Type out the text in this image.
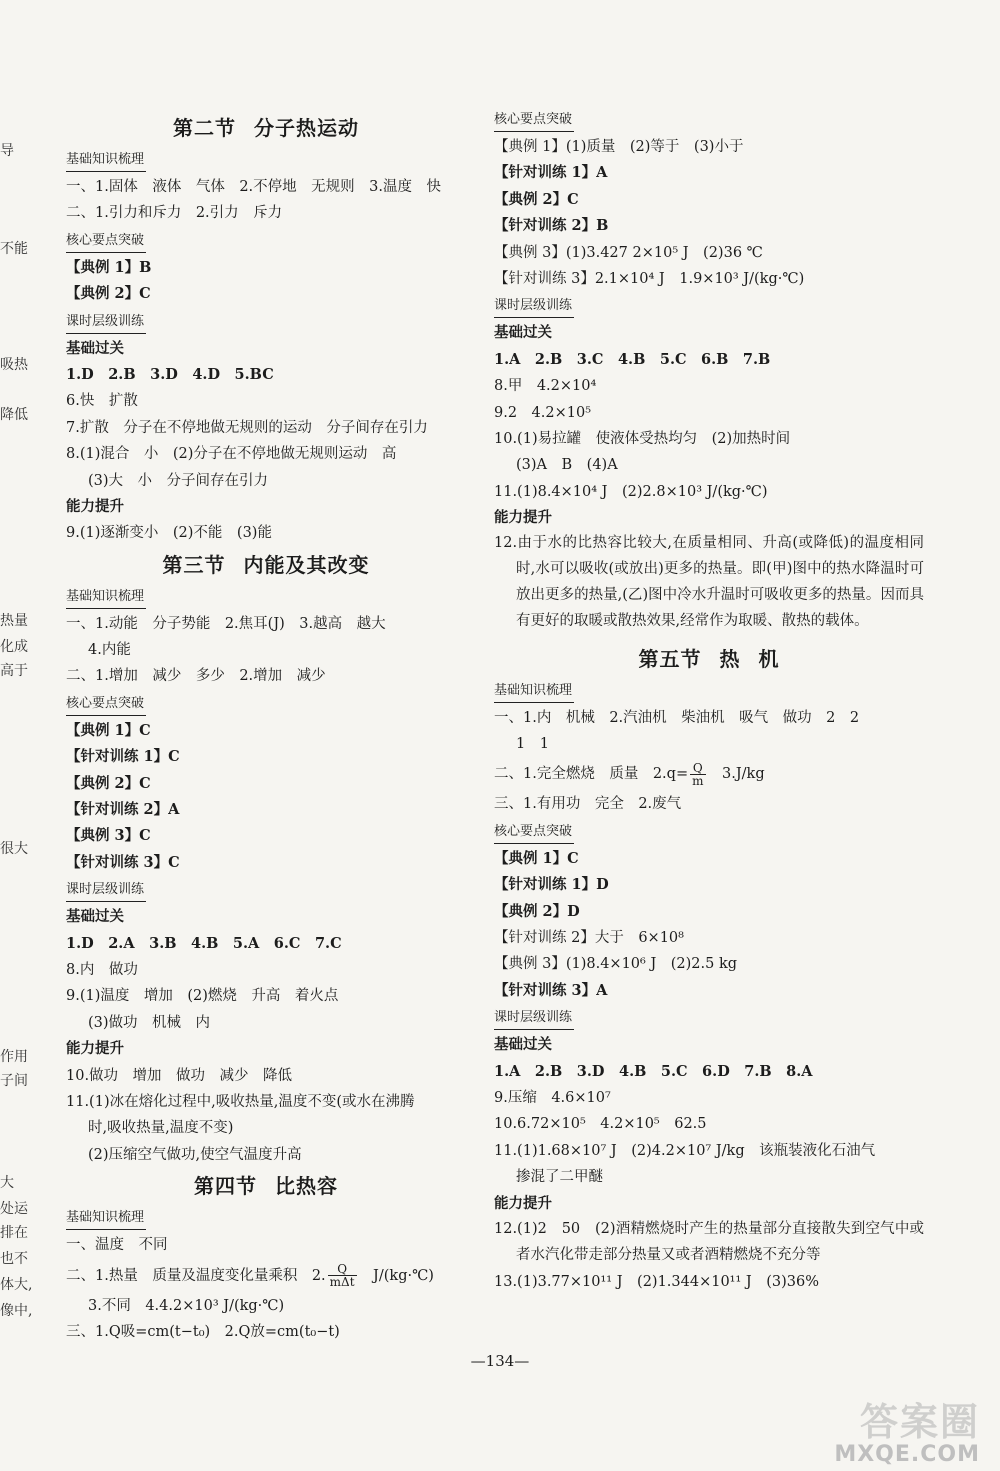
导
不能
吸热
降低
热量
化成
高于
很大
作用
子间
大
处运
排在
也不
体大,
像中,
第二节 分子热运动
基础知识梳理
一、1.固体　液体　气体　2.不停地　无规则　3.温度　快
二、1.引力和斥力　2.引力　斥力
核心要点突破
【典例 1】B
【典例 2】C
课时层级训练
基础过关
1.D　2.B　3.D　4.D　5.BC
6.快　扩散
7.扩散　分子在不停地做无规则的运动　分子间存在引力
8.(1)混合　小　(2)分子在不停地做无规则运动　高
(3)大　小　分子间存在引力
能力提升
9.(1)逐渐变小　(2)不能　(3)能
第三节 内能及其改变
基础知识梳理
一、1.动能　分子势能　2.焦耳(J)　3.越高　越大
4.内能
二、1.增加　减少　多少　2.增加　减少
核心要点突破
【典例 1】C
【针对训练 1】C
【典例 2】C
【针对训练 2】A
【典例 3】C
【针对训练 3】C
课时层级训练
基础过关
1.D　2.A　3.B　4.B　5.A　6.C　7.C
8.内　做功
9.(1)温度　增加　(2)燃烧　升高　着火点
(3)做功　机械　内
能力提升
10.做功　增加　做功　减少　降低
11.(1)冰在熔化过程中,吸收热量,温度不变(或水在沸腾
时,吸收热量,温度不变)
(2)压缩空气做功,使空气温度升高
第四节 比热容
基础知识梳理
一、温度　不同
二、1.热量　质量及温度变化量乘积　2. $\frac{Q}{\text{mΔt}}$ 　J/(kg·℃)
3.不同　4.4.2×10³ J/(kg·℃)
三、1.Q吸=cm(t−t₀)　2.Q放=cm(t₀−t)
核心要点突破
【典例 1】(1)质量　(2)等于　(3)小于
【针对训练 1】A
【典例 2】C
【针对训练 2】B
【典例 3】(1)3.427 2×10⁵ J　(2)36 ℃
【针对训练 3】2.1×10⁴ J　1.9×10³ J/(kg·℃)
课时层级训练
基础过关
1.A　2.B　3.C　4.B　5.C　6.B　7.B
8.甲　4.2×10⁴
9.2　4.2×10⁵
10.(1)易拉罐　使液体受热均匀　(2)加热时间
(3)A　B　(4)A
11.(1)8.4×10⁴ J　(2)2.8×10³ J/(kg·℃)
能力提升
12.由于水的比热容比较大,在质量相同、升高(或降低)的温度相同时,水可以吸收(或放出)更多的热量。即(甲)图中的热水降温时可放出更多的热量,(乙)图中冷水升温时可吸收更多的热量。因而具有更好的取暖或散热效果,经常作为取暖、散热的载体。
第五节 热 机
基础知识梳理
一、1.内　机械　2.汽油机　柴油机　吸气　做功　2　2
1　1
二、1.完全燃烧　质量　$2.q= \frac{Q}{m}$ 　3.J/kg
三、1.有用功　完全　2.废气
核心要点突破
【典例 1】C
【针对训练 1】D
【典例 2】D
【针对训练 2】大于　6×10⁸
【典例 3】(1)8.4×10⁶ J　(2)2.5 kg
【针对训练 3】A
课时层级训练
基础过关
1.A　2.B　3.D　4.B　5.C　6.D　7.B　8.A
9.压缩　4.6×10⁷
10.6.72×10⁵　4.2×10⁵　62.5
11.(1)1.68×10⁷ J　(2)4.2×10⁷ J/kg　该瓶装液化石油气
掺混了二甲醚
能力提升
12.(1)2　50　(2)酒精燃烧时产生的热量部分直接散失到空气中或者水汽化带走部分热量又或者酒精燃烧不充分等
13.(1)3.77×10¹¹ J　(2)1.344×10¹¹ J　(3)36%
—134—
答案圈
MXQE.COM
